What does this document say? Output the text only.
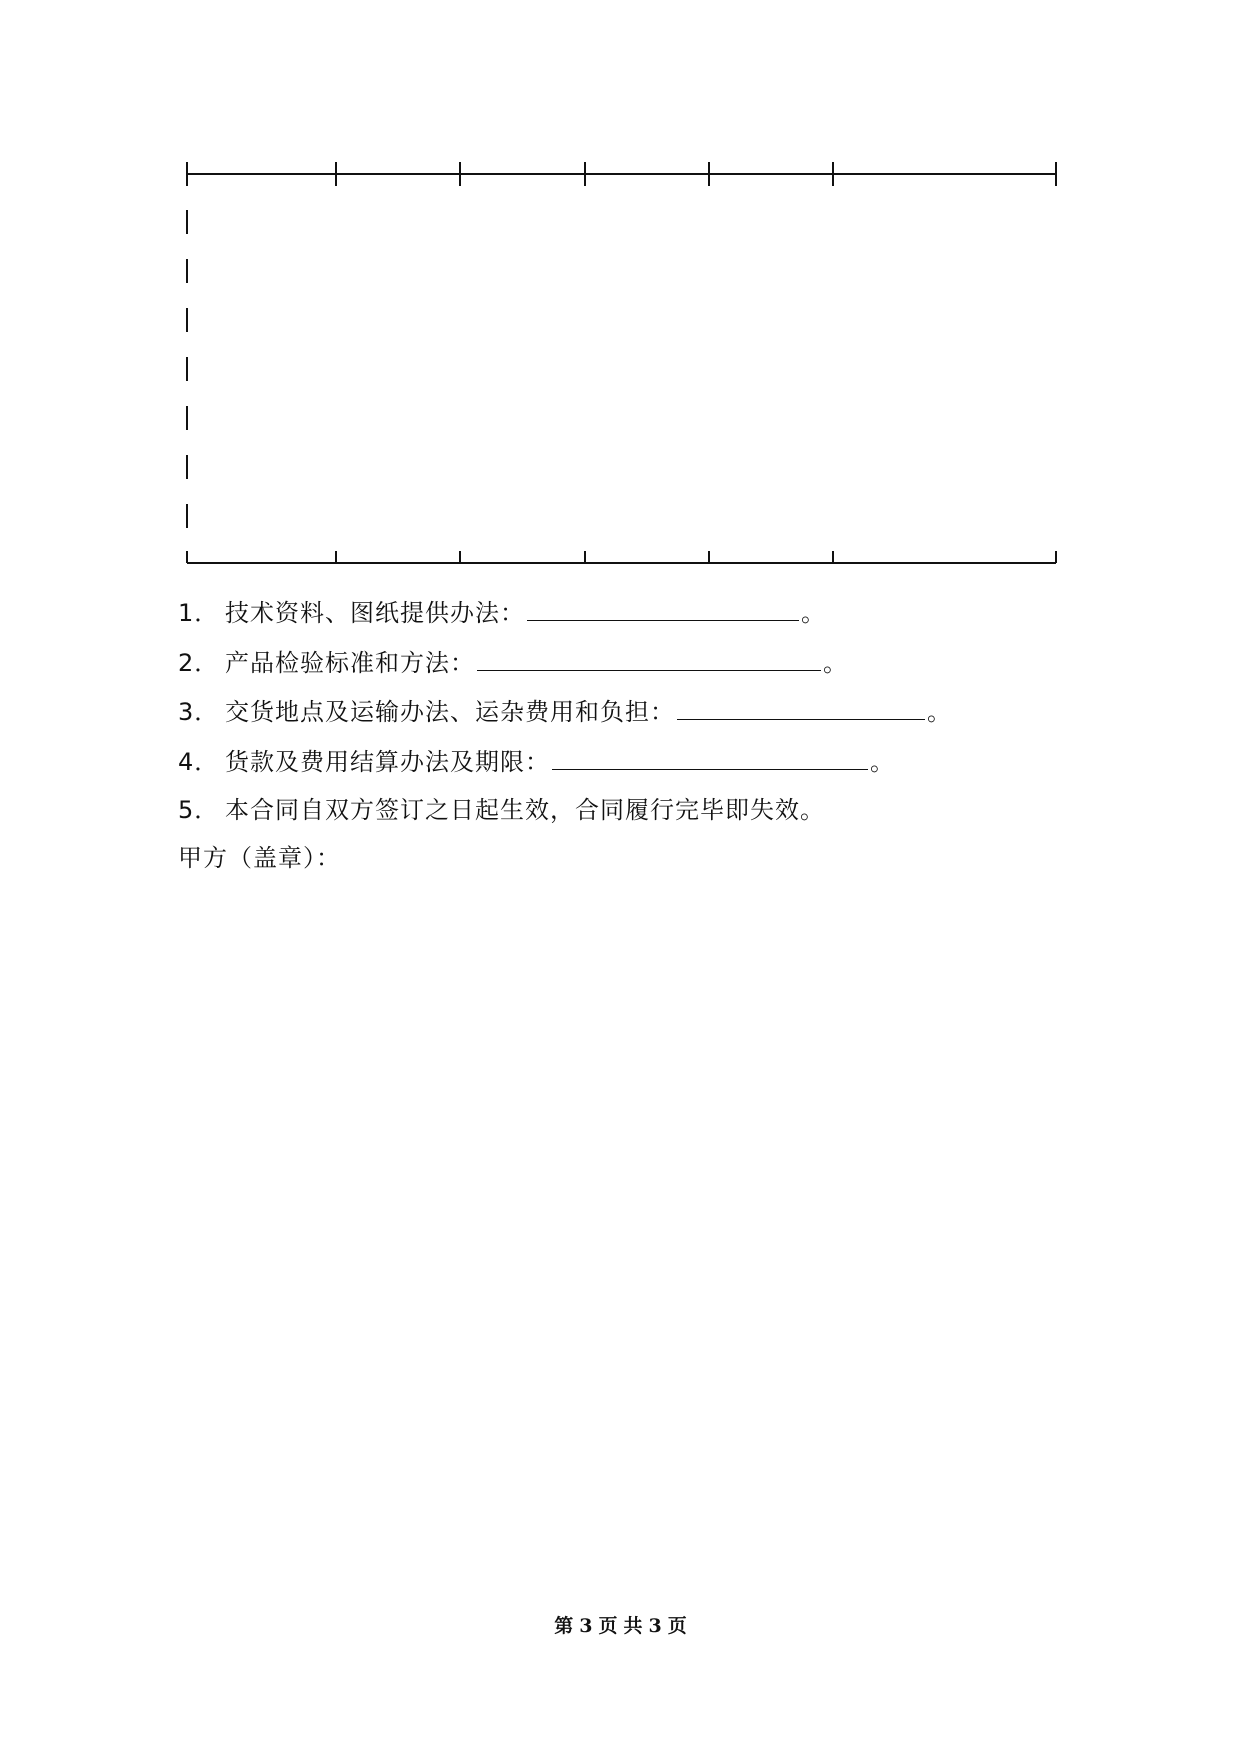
1． 技术资料、图纸提供办法：	。
2． 产品检验标准和方法：	。
3． 交货地点及运输办法、运杂费用和负担：	。
4． 货款及费用结算办法及期限：	。
5． 本合同自双方签订之日起生效，合同履行完毕即失效。
甲方（盖章）：
第 3 页 共 3 页
